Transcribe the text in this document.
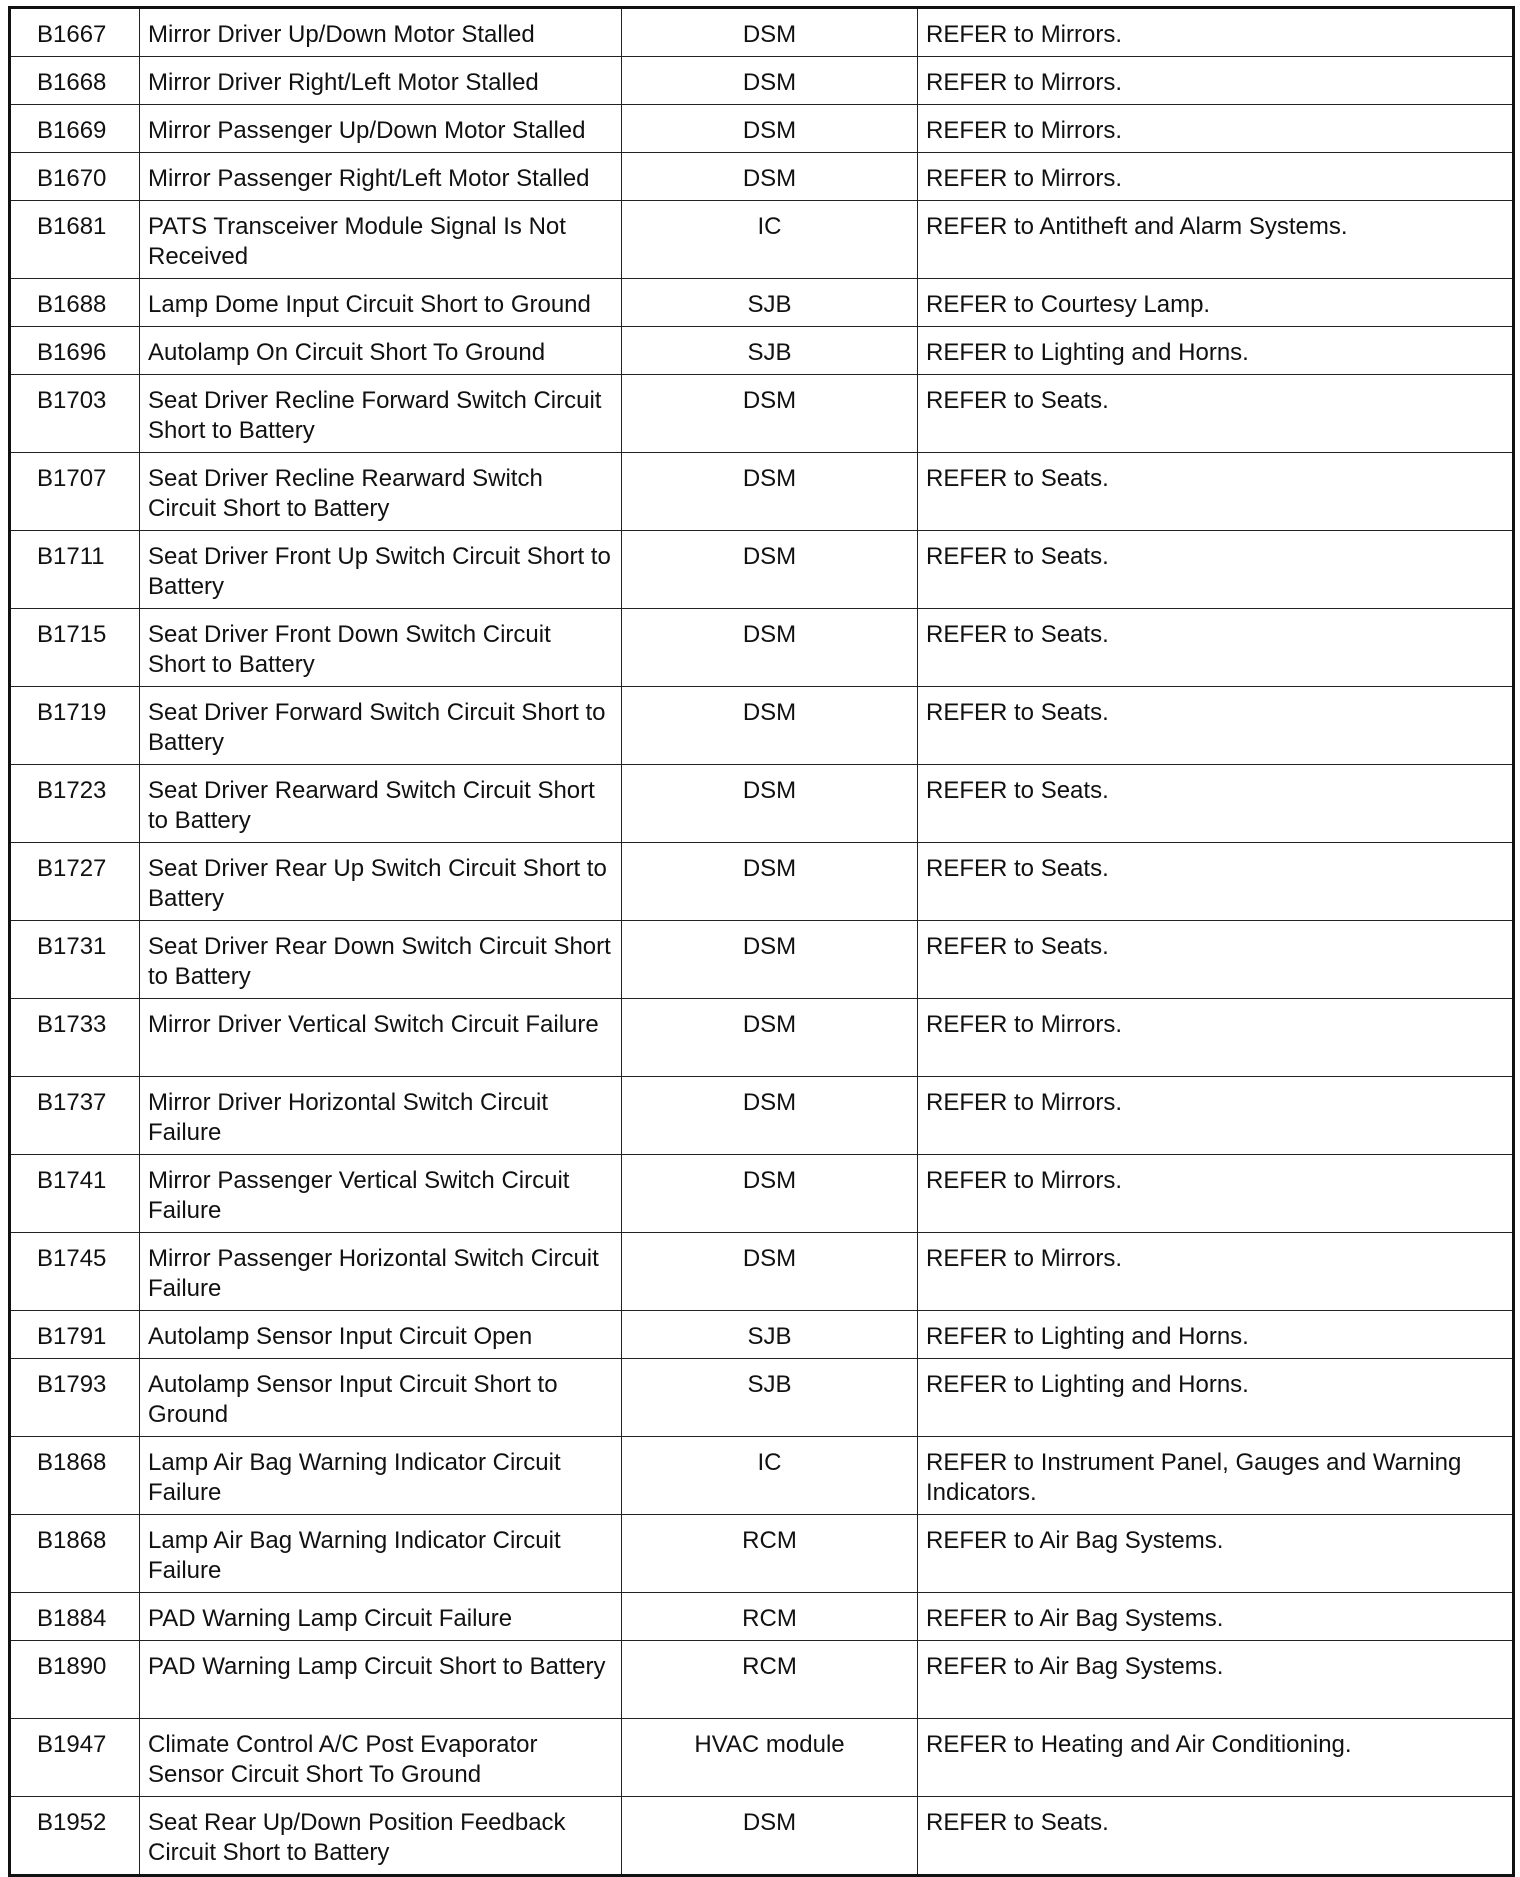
B1667	Mirror Driver Up/Down Motor Stalled	DSM	REFER to Mirrors.
B1668	Mirror Driver Right/Left Motor Stalled	DSM	REFER to Mirrors.
B1669	Mirror Passenger Up/Down Motor Stalled	DSM	REFER to Mirrors.
B1670	Mirror Passenger Right/Left Motor Stalled	DSM	REFER to Mirrors.
B1681	PATS Transceiver Module Signal Is Not Received	IC	REFER to Antitheft and Alarm Systems.
B1688	Lamp Dome Input Circuit Short to Ground	SJB	REFER to Courtesy Lamp.
B1696	Autolamp On Circuit Short To Ground	SJB	REFER to Lighting and Horns.
B1703	Seat Driver Recline Forward Switch Circuit Short to Battery	DSM	REFER to Seats.
B1707	Seat Driver Recline Rearward Switch Circuit Short to Battery	DSM	REFER to Seats.
B1711	Seat Driver Front Up Switch Circuit Short to Battery	DSM	REFER to Seats.
B1715	Seat Driver Front Down Switch Circuit Short to Battery	DSM	REFER to Seats.
B1719	Seat Driver Forward Switch Circuit Short to Battery	DSM	REFER to Seats.
B1723	Seat Driver Rearward Switch Circuit Short to Battery	DSM	REFER to Seats.
B1727	Seat Driver Rear Up Switch Circuit Short to Battery	DSM	REFER to Seats.
B1731	Seat Driver Rear Down Switch Circuit Short to Battery	DSM	REFER to Seats.
B1733	Mirror Driver Vertical Switch Circuit Failure	DSM	REFER to Mirrors.
B1737	Mirror Driver Horizontal Switch Circuit Failure	DSM	REFER to Mirrors.
B1741	Mirror Passenger Vertical Switch Circuit Failure	DSM	REFER to Mirrors.
B1745	Mirror Passenger Horizontal Switch Circuit Failure	DSM	REFER to Mirrors.
B1791	Autolamp Sensor Input Circuit Open	SJB	REFER to Lighting and Horns.
B1793	Autolamp Sensor Input Circuit Short to Ground	SJB	REFER to Lighting and Horns.
B1868	Lamp Air Bag Warning Indicator Circuit Failure	IC	REFER to Instrument Panel, Gauges and Warning Indicators.
B1868	Lamp Air Bag Warning Indicator Circuit Failure	RCM	REFER to Air Bag Systems.
B1884	PAD Warning Lamp Circuit Failure	RCM	REFER to Air Bag Systems.
B1890	PAD Warning Lamp Circuit Short to Battery	RCM	REFER to Air Bag Systems.
B1947	Climate Control A/C Post Evaporator Sensor Circuit Short To Ground	HVAC module	REFER to Heating and Air Conditioning.
B1952	Seat Rear Up/Down Position Feedback Circuit Short to Battery	DSM	REFER to Seats.
